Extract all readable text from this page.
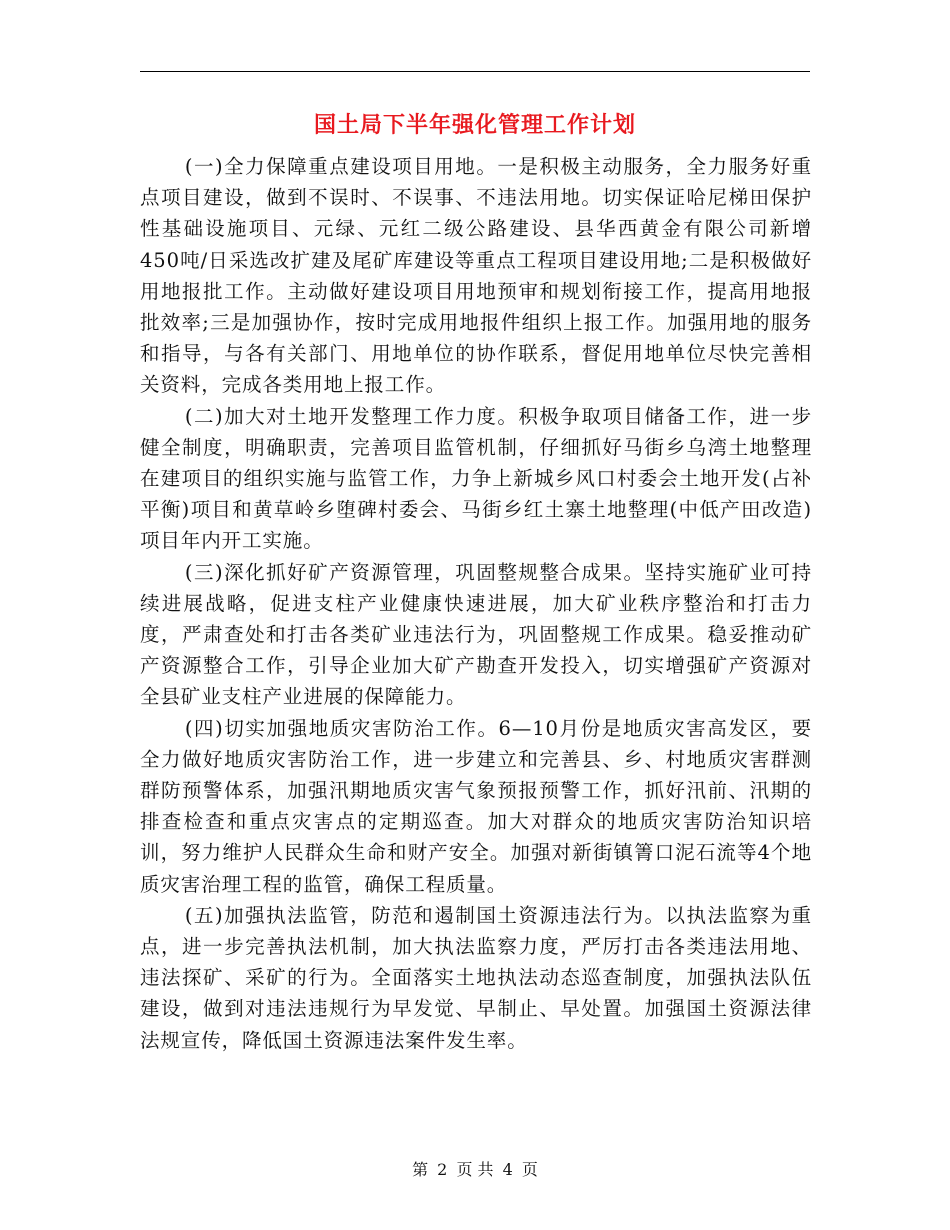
国土局下半年强化管理工作计划

(一)全力保障重点建设项目用地。一是积极主动服务，全力服务好重点项目建设，做到不误时、不误事、不违法用地。切实保证哈尼梯田保护性基础设施项目、元绿、元红二级公路建设、县华西黄金有限公司新增450吨/日采选改扩建及尾矿库建设等重点工程项目建设用地;二是积极做好用地报批工作。主动做好建设项目用地预审和规划衔接工作，提高用地报批效率;三是加强协作，按时完成用地报件组织上报工作。加强用地的服务和指导，与各有关部门、用地单位的协作联系，督促用地单位尽快完善相关资料，完成各类用地上报工作。

(二)加大对土地开发整理工作力度。积极争取项目储备工作，进一步健全制度，明确职责，完善项目监管机制，仔细抓好马街乡乌湾土地整理在建项目的组织实施与监管工作，力争上新城乡风口村委会土地开发(占补平衡)项目和黄草岭乡堕碑村委会、马街乡红土寨土地整理(中低产田改造)项目年内开工实施。

(三)深化抓好矿产资源管理，巩固整规整合成果。坚持实施矿业可持续进展战略，促进支柱产业健康快速进展，加大矿业秩序整治和打击力度，严肃查处和打击各类矿业违法行为，巩固整规工作成果。稳妥推动矿产资源整合工作，引导企业加大矿产勘查开发投入，切实增强矿产资源对全县矿业支柱产业进展的保障能力。

(四)切实加强地质灾害防治工作。6—10月份是地质灾害高发区，要全力做好地质灾害防治工作，进一步建立和完善县、乡、村地质灾害群测群防预警体系，加强汛期地质灾害气象预报预警工作，抓好汛前、汛期的排查检查和重点灾害点的定期巡查。加大对群众的地质灾害防治知识培训，努力维护人民群众生命和财产安全。加强对新街镇箐口泥石流等4个地质灾害治理工程的监管，确保工程质量。

(五)加强执法监管，防范和遏制国土资源违法行为。以执法监察为重点，进一步完善执法机制，加大执法监察力度，严厉打击各类违法用地、违法探矿、采矿的行为。全面落实土地执法动态巡查制度，加强执法队伍建设，做到对违法违规行为早发觉、早制止、早处置。加强国土资源法律法规宣传，降低国土资源违法案件发生率。

第 2 页 共 4 页
